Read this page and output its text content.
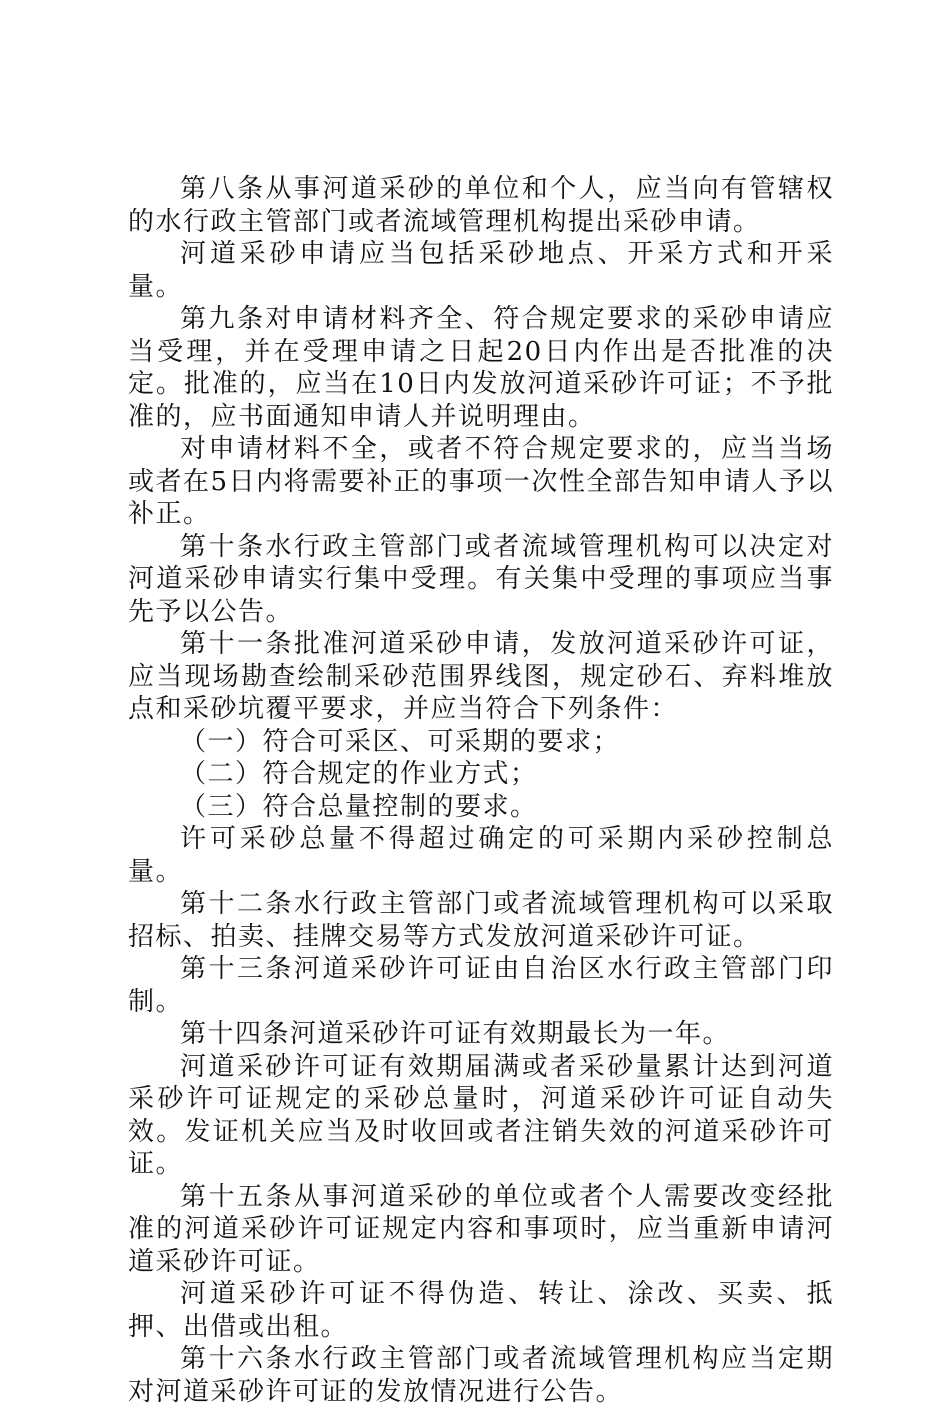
第八条从事河道采砂的单位和个人，应当向有管辖权的水行政主管部门或者流域管理机构提出采砂申请。

河道采砂申请应当包括采砂地点、开采方式和开采量。

第九条对申请材料齐全、符合规定要求的采砂申请应当受理，并在受理申请之日起20日内作出是否批准的决定。批准的，应当在10日内发放河道采砂许可证；不予批准的，应书面通知申请人并说明理由。

对申请材料不全，或者不符合规定要求的，应当当场或者在5日内将需要补正的事项一次性全部告知申请人予以补正。

第十条水行政主管部门或者流域管理机构可以决定对河道采砂申请实行集中受理。有关集中受理的事项应当事先予以公告。

第十一条批准河道采砂申请，发放河道采砂许可证，应当现场勘查绘制采砂范围界线图，规定砂石、弃料堆放点和采砂坑覆平要求，并应当符合下列条件：

（一）符合可采区、可采期的要求；

（二）符合规定的作业方式；

（三）符合总量控制的要求。

许可采砂总量不得超过确定的可采期内采砂控制总量。

第十二条水行政主管部门或者流域管理机构可以采取招标、拍卖、挂牌交易等方式发放河道采砂许可证。

第十三条河道采砂许可证由自治区水行政主管部门印制。

第十四条河道采砂许可证有效期最长为一年。

河道采砂许可证有效期届满或者采砂量累计达到河道采砂许可证规定的采砂总量时，河道采砂许可证自动失效。发证机关应当及时收回或者注销失效的河道采砂许可证。

第十五条从事河道采砂的单位或者个人需要改变经批准的河道采砂许可证规定内容和事项时，应当重新申请河道采砂许可证。

河道采砂许可证不得伪造、转让、涂改、买卖、抵押、出借或出租。

第十六条水行政主管部门或者流域管理机构应当定期对河道采砂许可证的发放情况进行公告。
